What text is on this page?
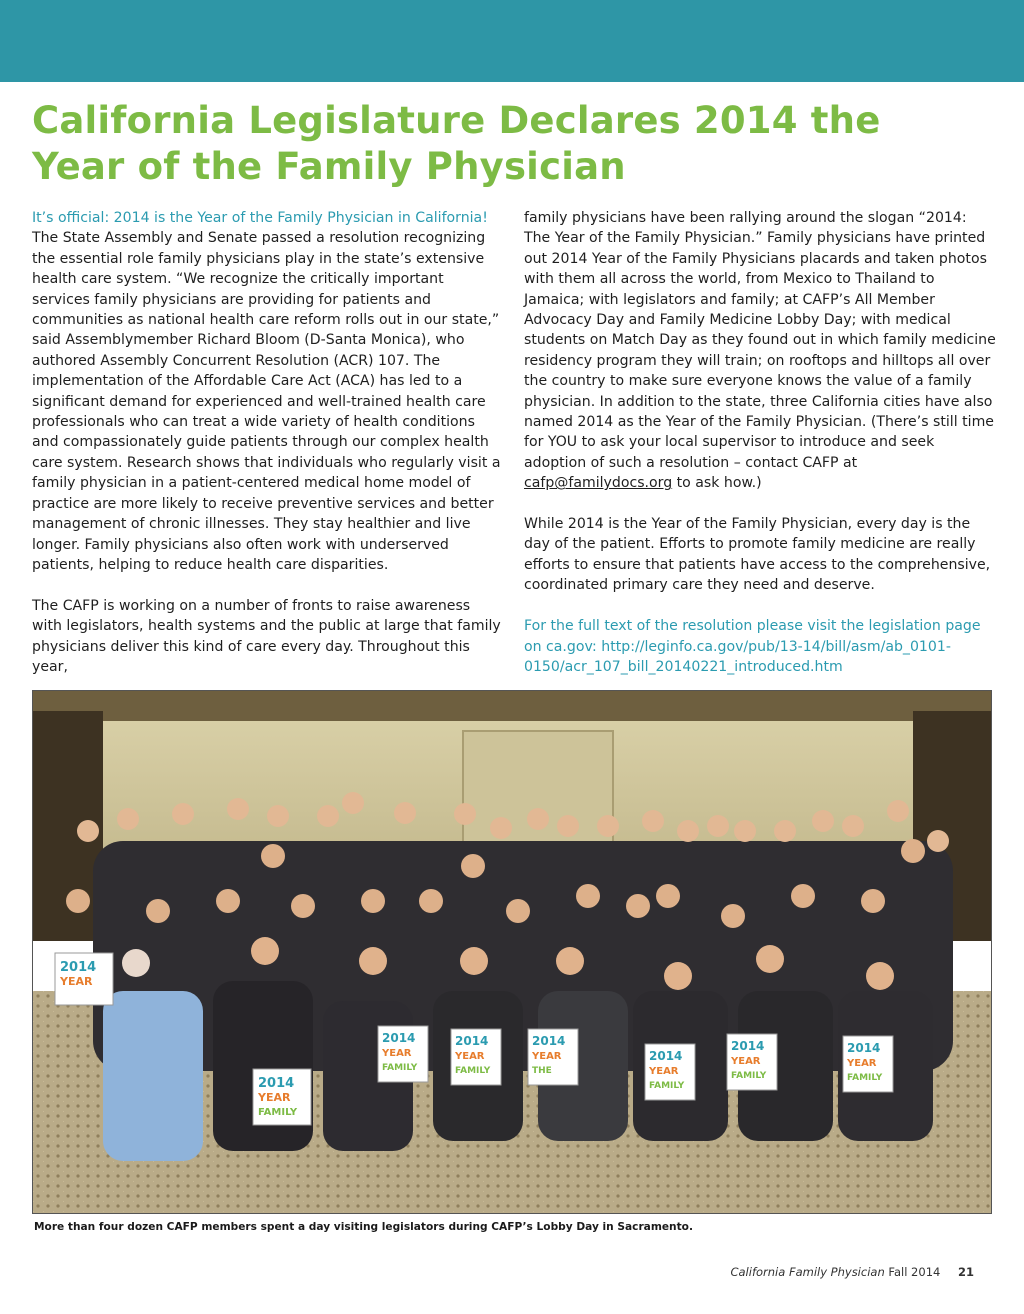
California Legislature Declares 2014 the Year of the Family Physician

It’s official: 2014 is the Year of the Family Physician in California! The State Assembly and Senate passed a resolution recognizing the essential role family physicians play in the state’s extensive health care system. “We recognize the critically important services family physicians are providing for patients and communities as national health care reform rolls out in our state,” said Assemblymember Richard Bloom (D-Santa Monica), who authored Assembly Concurrent Resolution (ACR) 107. The implementation of the Affordable Care Act (ACA) has led to a significant demand for experienced and well-trained health care professionals who can treat a wide variety of health conditions and compassionately guide patients through our complex health care system. Research shows that individuals who regularly visit a family physician in a patient-centered medical home model of practice are more likely to receive preventive services and better management of chronic illnesses. They stay healthier and live longer. Family physicians also often work with underserved patients, helping to reduce health care disparities.

The CAFP is working on a number of fronts to raise awareness with legislators, health systems and the public at large that family physicians deliver this kind of care every day. Throughout this year,

family physicians have been rallying around the slogan “2014: The Year of the Family Physician.” Family physicians have printed out 2014 Year of the Family Physicians placards and taken photos with them all across the world, from Mexico to Thailand to Jamaica; with legislators and family; at CAFP’s All Member Advocacy Day and Family Medicine Lobby Day; with medical students on Match Day as they found out in which family medicine residency program they will train; on rooftops and hilltops all over the country to make sure everyone knows the value of a family physician. In addition to the state, three California cities have also named 2014 as the Year of the Family Physician. (There’s still time for YOU to ask your local supervisor to introduce and seek adoption of such a resolution – contact CAFP at cafp@familydocs.org to ask how.)

While 2014 is the Year of the Family Physician, every day is the day of the patient. Efforts to promote family medicine are really efforts to ensure that patients have access to the comprehensive, coordinated primary care they need and deserve.

For the full text of the resolution please visit the legislation page on ca.gov: http://leginfo.ca.gov/pub/13-14/bill/asm/ab_0101-0150/acr_107_bill_20140221_introduced.htm

2014
YEAR
2014
YEAR
FAMILY
2014
YEAR
FAMILY
2014
YEAR
FAMILY
2014
YEAR
THE
2014
YEAR
FAMILY
2014
YEAR
FAMILY
2014
YEAR
FAMILY
More than four dozen CAFP members spent a day visiting legislators during CAFP’s Lobby Day in Sacramento.
California Family Physician Fall 2014 21
